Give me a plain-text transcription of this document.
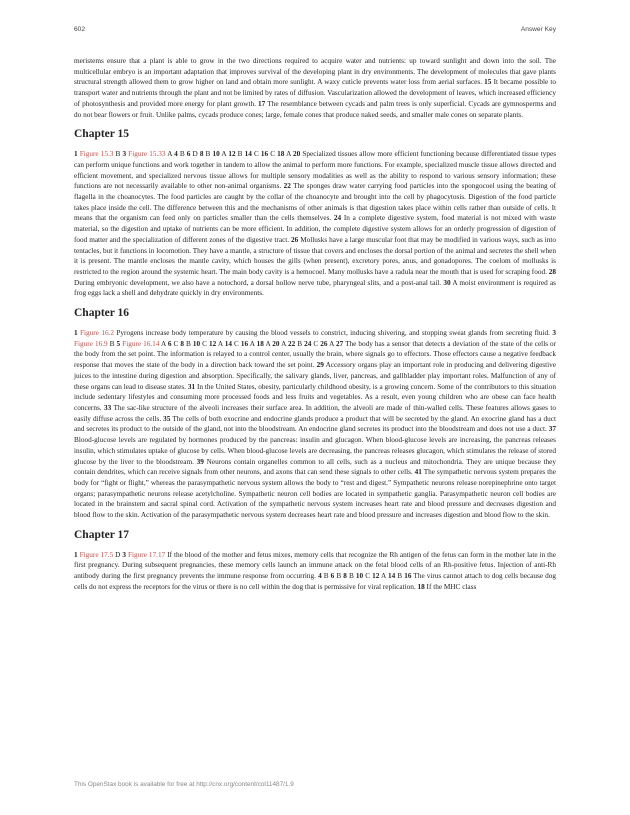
602	Answer Key

meristems ensure that a plant is able to grow in the two directions required to acquire water and nutrients: up toward sunlight and down into the soil. The multicellular embryo is an important adaptation that improves survival of the developing plant in dry environments. The development of molecules that gave plants structural strength allowed them to grow higher on land and obtain more sunlight. A waxy cuticle prevents water loss from aerial surfaces. 15 It became possible to transport water and nutrients through the plant and not be limited by rates of diffusion. Vascularization allowed the development of leaves, which increased efficiency of photosynthesis and provided more energy for plant growth. 17 The resemblance between cycads and palm trees is only superficial. Cycads are gymnosperms and do not bear flowers or fruit. Unlike palms, cycads produce cones; large, female cones that produce naked seeds, and smaller male cones on separate plants.

Chapter 15

1 Figure 15.3 B 3 Figure 15.33 A 4 B 6 D 8 B 10 A 12 B 14 C 16 C 18 A 20 Specialized tissues allow more efficient functioning because differentiated tissue types can perform unique functions and work together in tandem to allow the animal to perform more functions. For example, specialized muscle tissue allows directed and efficient movement, and specialized nervous tissue allows for multiple sensory modalities as well as the ability to respond to various sensory information; these functions are not necessarily available to other non-animal organisms. 22 The sponges draw water carrying food particles into the spongocoel using the beating of flagella in the choanocytes. The food particles are caught by the collar of the choanocyte and brought into the cell by phagocytosis. Digestion of the food particle takes place inside the cell. The difference between this and the mechanisms of other animals is that digestion takes place within cells rather than outside of cells. It means that the organism can feed only on particles smaller than the cells themselves. 24 In a complete digestive system, food material is not mixed with waste material, so the digestion and uptake of nutrients can be more efficient. In addition, the complete digestive system allows for an orderly progression of digestion of food matter and the specialization of different zones of the digestive tract. 26 Mollusks have a large muscular foot that may be modified in various ways, such as into tentacles, but it functions in locomotion. They have a mantle, a structure of tissue that covers and encloses the dorsal portion of the animal and secretes the shell when it is present. The mantle encloses the mantle cavity, which houses the gills (when present), excretory pores, anus, and gonadopores. The coelom of mollusks is restricted to the region around the systemic heart. The main body cavity is a hemocoel. Many mollusks have a radula near the mouth that is used for scraping food. 28 During embryonic development, we also have a notochord, a dorsal hollow nerve tube, pharyngeal slits, and a post-anal tail. 30 A moist environment is required as frog eggs lack a shell and dehydrate quickly in dry environments.

Chapter 16

1 Figure 16.2 Pyrogens increase body temperature by causing the blood vessels to constrict, inducing shivering, and stopping sweat glands from secreting fluid. 3 Figure 16.9 B 5 Figure 16.14 A 6 C 8 B 10 C 12 A 14 C 16 A 18 A 20 A 22 B 24 C 26 A 27 The body has a sensor that detects a deviation of the state of the cells or the body from the set point. The information is relayed to a control center, usually the brain, where signals go to effectors. Those effectors cause a negative feedback response that moves the state of the body in a direction back toward the set point. 29 Accessory organs play an important role in producing and delivering digestive juices to the intestine during digestion and absorption. Specifically, the salivary glands, liver, pancreas, and gallbladder play important roles. Malfunction of any of these organs can lead to disease states. 31 In the United States, obesity, particularly childhood obesity, is a growing concern. Some of the contributors to this situation include sedentary lifestyles and consuming more processed foods and less fruits and vegetables. As a result, even young children who are obese can face health concerns. 33 The sac-like structure of the alveoli increases their surface area. In addition, the alveoli are made of thin-walled cells. These features allows gases to easily diffuse across the cells. 35 The cells of both exocrine and endocrine glands produce a product that will be secreted by the gland. An exocrine gland has a duct and secretes its product to the outside of the gland, not into the bloodstream. An endocrine gland secretes its product into the bloodstream and does not use a duct. 37 Blood-glucose levels are regulated by hormones produced by the pancreas: insulin and glucagon. When blood-glucose levels are increasing, the pancreas releases insulin, which stimulates uptake of glucose by cells. When blood-glucose levels are decreasing, the pancreas releases glucagon, which stimulates the release of stored glucose by the liver to the bloodstream. 39 Neurons contain organelles common to all cells, such as a nucleus and mitochondria. They are unique because they contain dendrites, which can receive signals from other neurons, and axons that can send these signals to other cells. 41 The sympathetic nervous system prepares the body for “fight or flight,” whereas the parasympathetic nervous system allows the body to “rest and digest.” Sympathetic neurons release norepinephrine onto target organs; parasympathetic neurons release acetylcholine. Sympathetic neuron cell bodies are located in sympathetic ganglia. Parasympathetic neuron cell bodies are located in the brainstem and sacral spinal cord. Activation of the sympathetic nervous system increases heart rate and blood pressure and decreases digestion and blood flow to the skin. Activation of the parasympathetic nervous system decreases heart rate and blood pressure and increases digestion and blood flow to the skin.

Chapter 17

1 Figure 17.5 D 3 Figure 17.17 If the blood of the mother and fetus mixes, memory cells that recognize the Rh antigen of the fetus can form in the mother late in the first pregnancy. During subsequent pregnancies, these memory cells launch an immune attack on the fetal blood cells of an Rh-positive fetus. Injection of anti-Rh antibody during the first pregnancy prevents the immune response from occurring. 4 B 6 B 8 B 10 C 12 A 14 B 16 The virus cannot attach to dog cells because dog cells do not express the receptors for the virus or there is no cell within the dog that is permissive for viral replication. 18 If the MHC class

This OpenStax book is available for free at http://cnx.org/content/col11487/1.9
